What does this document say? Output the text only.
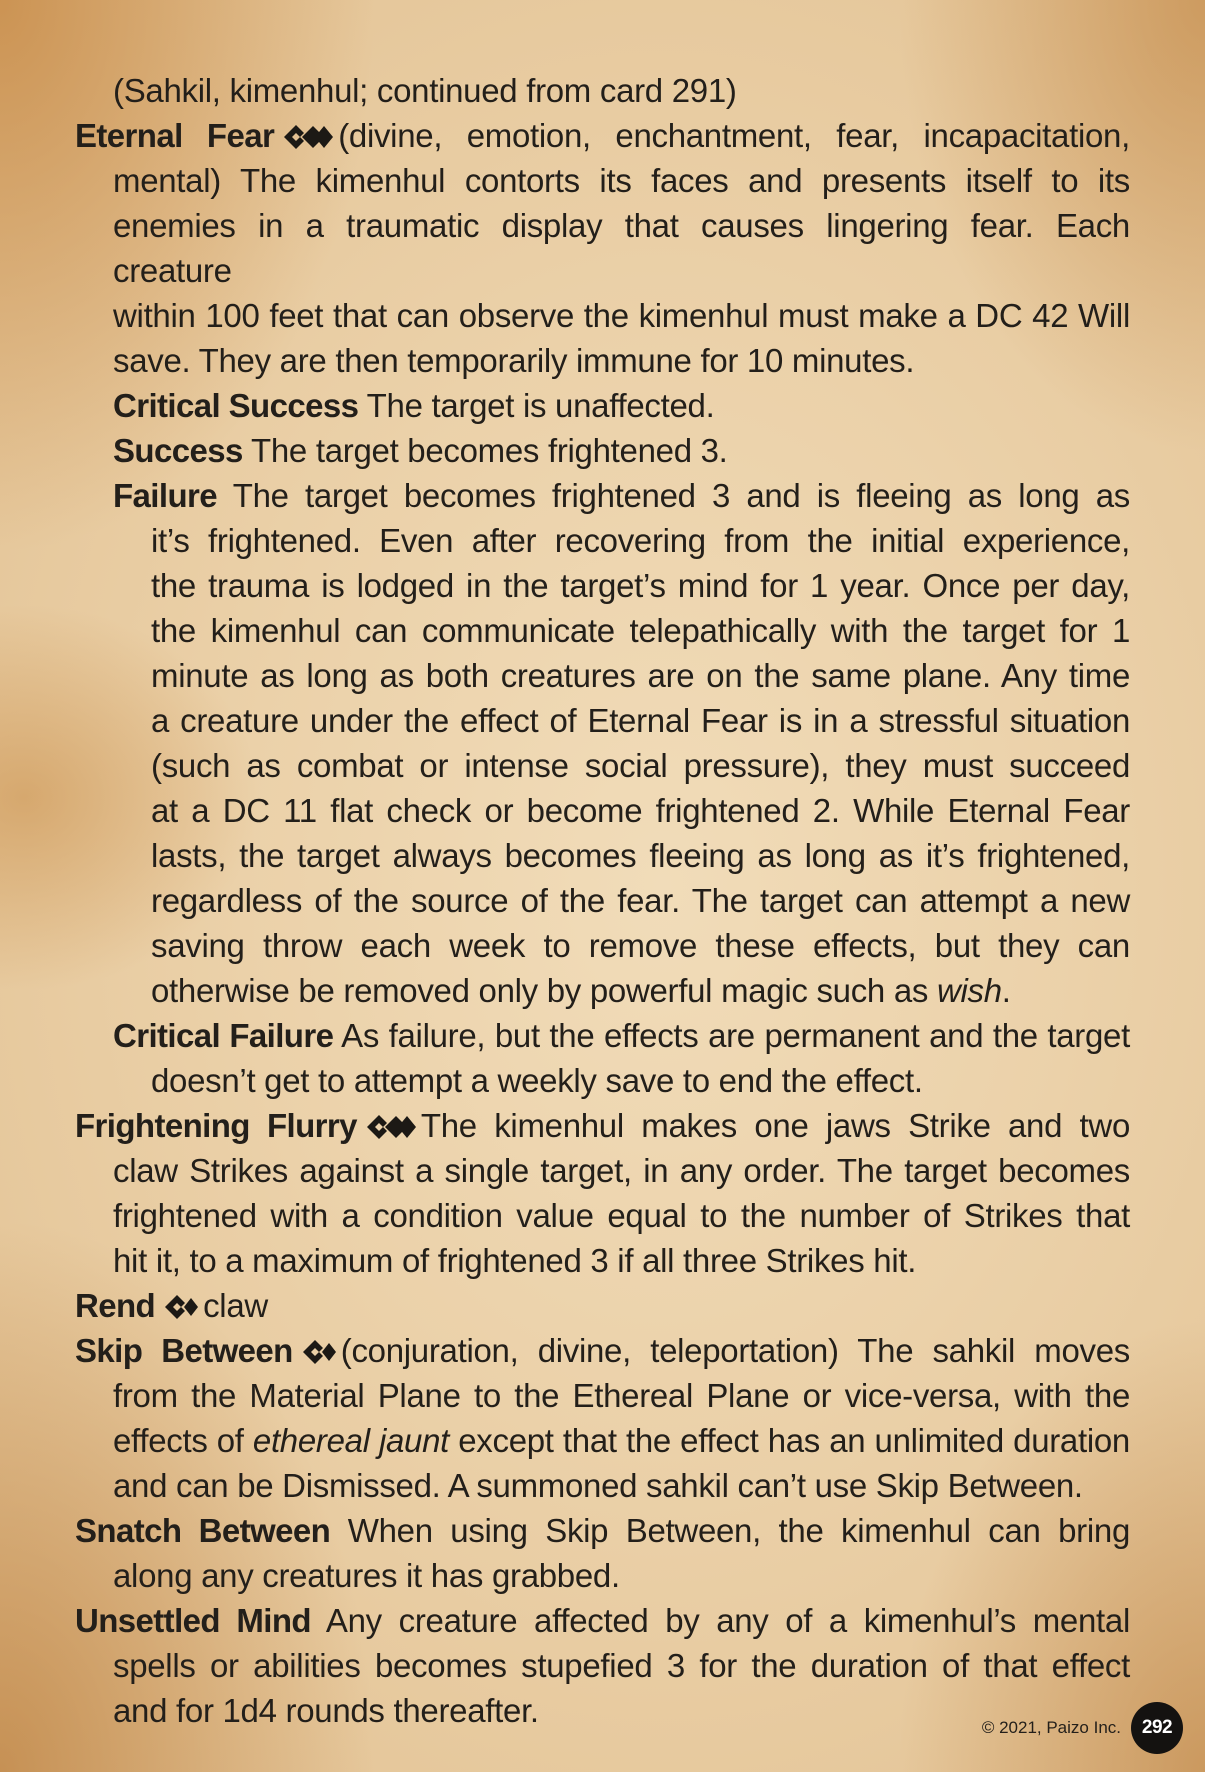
(Sahkil, kimenhul; continued from card 291)
Eternal Fear (divine, emotion, enchantment, fear, incapacitation,
mental) The kimenhul contorts its faces and presents itself to its
enemies in a traumatic display that causes lingering fear. Each creature
within 100 feet that can observe the kimenhul must make a DC 42 Will
save. They are then temporarily immune for 10 minutes.
Critical Success The target is unaffected.
Success The target becomes frightened 3.
Failure The target becomes frightened 3 and is fleeing as long as
it’s frightened. Even after recovering from the initial experience,
the trauma is lodged in the target’s mind for 1 year. Once per day,
the kimenhul can communicate telepathically with the target for 1
minute as long as both creatures are on the same plane. Any time
a creature under the effect of Eternal Fear is in a stressful situation
(such as combat or intense social pressure), they must succeed
at a DC 11 flat check or become frightened 2. While Eternal Fear
lasts, the target always becomes fleeing as long as it’s frightened,
regardless of the source of the fear. The target can attempt a new
saving throw each week to remove these effects, but they can
otherwise be removed only by powerful magic such as wish.
Critical Failure As failure, but the effects are permanent and the target
doesn’t get to attempt a weekly save to end the effect.
Frightening Flurry The kimenhul makes one jaws Strike and two
claw Strikes against a single target, in any order. The target becomes
frightened with a condition value equal to the number of Strikes that
hit it, to a maximum of frightened 3 if all three Strikes hit.
Rend claw
Skip Between (conjuration, divine, teleportation) The sahkil moves
from the Material Plane to the Ethereal Plane or vice-versa, with the
effects of ethereal jaunt except that the effect has an unlimited duration
and can be Dismissed. A summoned sahkil can’t use Skip Between.
Snatch Between When using Skip Between, the kimenhul can bring
along any creatures it has grabbed.
Unsettled Mind Any creature affected by any of a kimenhul’s mental
spells or abilities becomes stupefied 3 for the duration of that effect
and for 1d4 rounds thereafter.	© 2021, Paizo Inc.	292
